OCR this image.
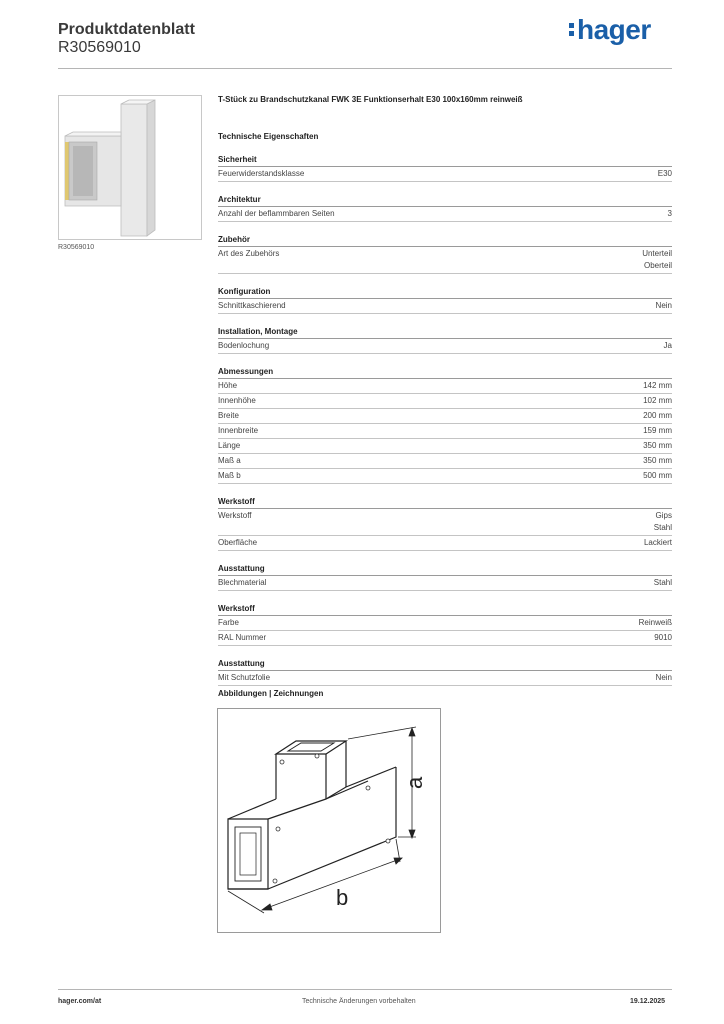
Produktdatenblatt
R30569010
hager
R30569010
T-Stück zu Brandschutzkanal FWK 3E Funktionserhalt E30 100x160mm reinweiß
Technische Eigenschaften
Sicherheit
Feuerwiderstandsklasse	E30
Architektur
Anzahl der beflammbaren Seiten	3
Zubehör
Art des Zubehörs	Unterteil
Oberteil
Konfiguration
Schnittkaschierend	Nein
Installation, Montage
Bodenlochung	Ja
Abmessungen
Höhe	142 mm
Innenhöhe	102 mm
Breite	200 mm
Innenbreite	159 mm
Länge	350 mm
Maß a	350 mm
Maß b	500 mm
Werkstoff
Werkstoff	Gips
Stahl
Oberfläche	Lackiert
Ausstattung
Blechmaterial	Stahl
Werkstoff
Farbe	Reinweiß
RAL Nummer	9010
Ausstattung
Mit Schutzfolie	Nein
Abbildungen | Zeichnungen
a
b
hager.com/at	Technische Änderungen vorbehalten	19.12.2025
